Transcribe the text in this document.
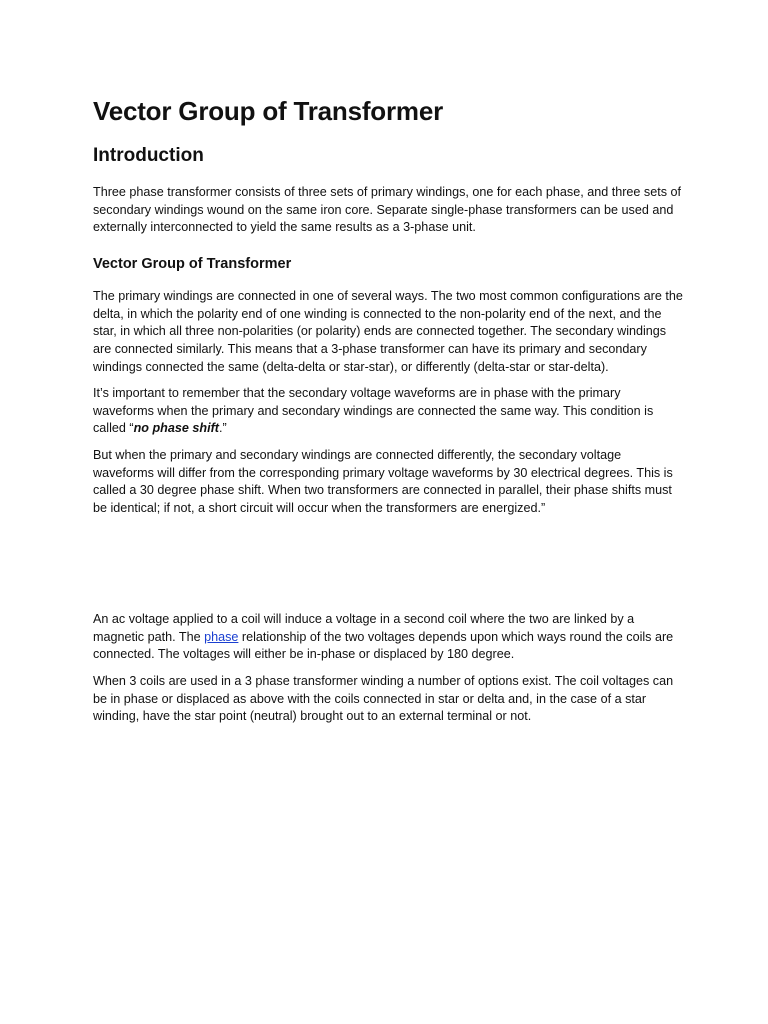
Vector Group of Transformer
Introduction

Three phase transformer consists of three sets of primary windings, one for each phase, and three sets of secondary windings wound on the same iron core. Separate single-phase transformers can be used and externally interconnected to yield the same results as a 3-phase unit.

Vector Group of Transformer

The primary windings are connected in one of several ways. The two most common configurations are the delta, in which the polarity end of one winding is connected to the non-polarity end of the next, and the star, in which all three non-polarities (or polarity) ends are connected together. The secondary windings are connected similarly. This means that a 3-phase transformer can have its primary and secondary windings connected the same (delta-delta or star-star), or differently (delta-star or star-delta).

It’s important to remember that the secondary voltage waveforms are in phase with the primary waveforms when the primary and secondary windings are connected the same way. This condition is called “no phase shift.”

But when the primary and secondary windings are connected differently, the secondary voltage waveforms will differ from the corresponding primary voltage waveforms by 30 electrical degrees. This is called a 30 degree phase shift. When two transformers are connected in parallel, their phase shifts must be identical; if not, a short circuit will occur when the transformers are energized.”

An ac voltage applied to a coil will induce a voltage in a second coil where the two are linked by a magnetic path. The phase relationship of the two voltages depends upon which ways round the coils are connected. The voltages will either be in-phase or displaced by 180 degree.

When 3 coils are used in a 3 phase transformer winding a number of options exist. The coil voltages can be in phase or displaced as above with the coils connected in star or delta and, in the case of a star winding, have the star point (neutral) brought out to an external terminal or not.
